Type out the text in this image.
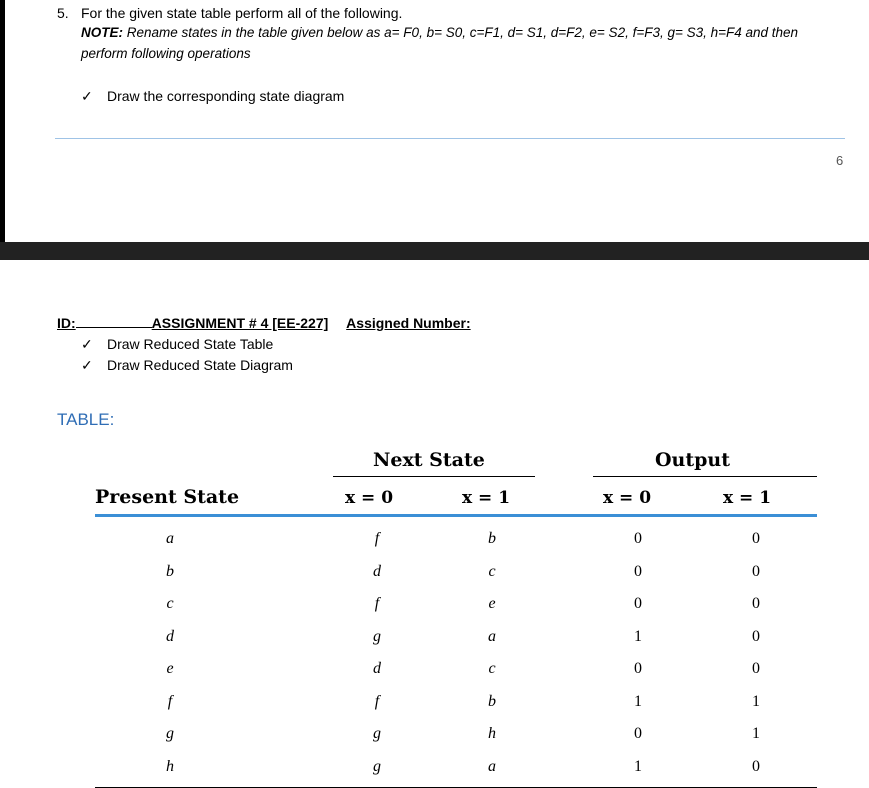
5. For the given state table perform all of the following.
NOTE: Rename states in the table given below as a= F0, b= S0, c=F1, d= S1, d=F2, e= S2, f=F3, g= S3, h=F4 and then
perform following operations
✓ Draw the corresponding state diagram
6
ID:	ASSIGNMENT # 4 [EE-227] Assigned Number:
✓ Draw Reduced State Table
✓ Draw Reduced State Diagram
TABLE:
Next State	Output
Present State	x = 0	x = 1	x = 0	x = 1
a	f	b	0	0
b	d	c	0	0
c	f	e	0	0
d	g	a	1	0
e	d	c	0	0
f	f	b	1	1
g	g	h	0	1
h	g	a	1	0
